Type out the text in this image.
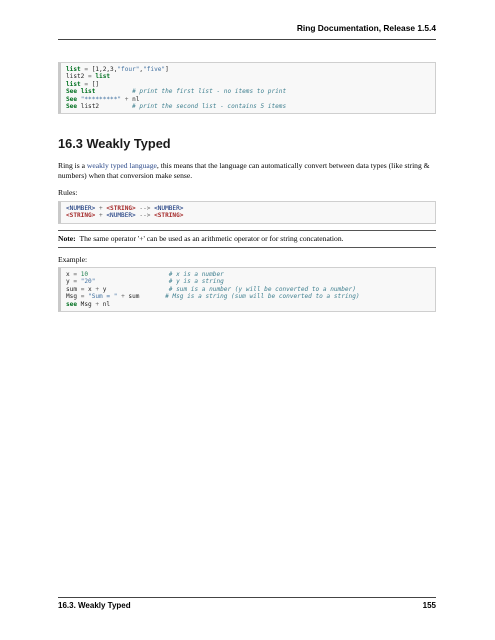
Ring Documentation, Release 1.5.4
list = [1,2,3,"four","five"]
list2 = list
list = []
See list	# print the first list - no items to print
See "*********" + nl
See list2         # print the second list - contains 5 items
16.3 Weakly Typed
Ring is a weakly typed language, this means that the language can automatically convert between data types (like string & numbers) when that conversion make sense.
Rules:
<NUMBER> + <STRING> --> <NUMBER>
<STRING> + <NUMBER> --> <STRING>
Note: The same operator '+' can be used as an arithmetic operator or for string concatenation.
Example:
x = 10	# x is a number
y = "20"	# y is a string
sum = x + y                 # sum is a number (y will be converted to a number)
Msg = "Sum = " + sum       # Msg is a string (sum will be converted to a string)
see Msg + nl
16.3. Weakly Typed	155
